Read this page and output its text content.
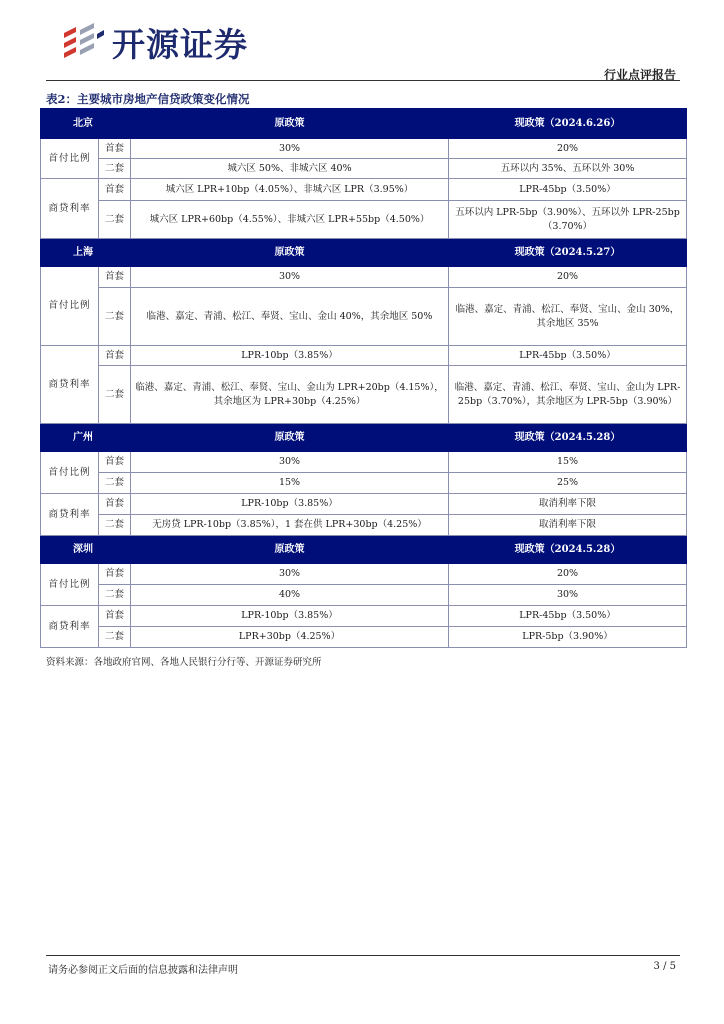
开源证券
行业点评报告
表2：主要城市房地产信贷政策变化情况
北京		原政策	现政策（2024.6.26）
首付比例	首套	30%	20%
	二套	城六区 50%、非城六区 40%	五环以内 35%、五环以外 30%
商贷利率	首套	城六区 LPR+10bp（4.05%）、非城六区 LPR（3.95%）	LPR-45bp（3.50%）
	二套	城六区 LPR+60bp（4.55%）、非城六区 LPR+55bp（4.50%）	五环以内 LPR-5bp（3.90%）、五环以外 LPR-25bp（3.70%）
上海		原政策	现政策（2024.5.27）
首付比例	首套	30%	20%
	二套	临港、嘉定、青浦、松江、奉贤、宝山、金山 40%，其余地区 50%	临港、嘉定、青浦、松江、奉贤、宝山、金山 30%，其余地区 35%
商贷利率	首套	LPR-10bp（3.85%）	LPR-45bp（3.50%）
	二套	临港、嘉定、青浦、松江、奉贤、宝山、金山为 LPR+20bp（4.15%），其余地区为 LPR+30bp（4.25%）	临港、嘉定、青浦、松江、奉贤、宝山、金山为 LPR-25bp（3.70%），其余地区为 LPR-5bp（3.90%）
广州		原政策	现政策（2024.5.28）
首付比例	首套	30%	15%
	二套	15%	25%
商贷利率	首套	LPR-10bp（3.85%）	取消利率下限
	二套	无房贷 LPR-10bp（3.85%），1 套在供 LPR+30bp（4.25%）	取消利率下限
深圳		原政策	现政策（2024.5.28）
首付比例	首套	30%	20%
	二套	40%	30%
商贷利率	首套	LPR-10bp（3.85%）	LPR-45bp（3.50%）
	二套	LPR+30bp（4.25%）	LPR-5bp（3.90%）
资料来源：各地政府官网、各地人民银行分行等、开源证券研究所
请务必参阅正文后面的信息披露和法律声明	3 / 5
